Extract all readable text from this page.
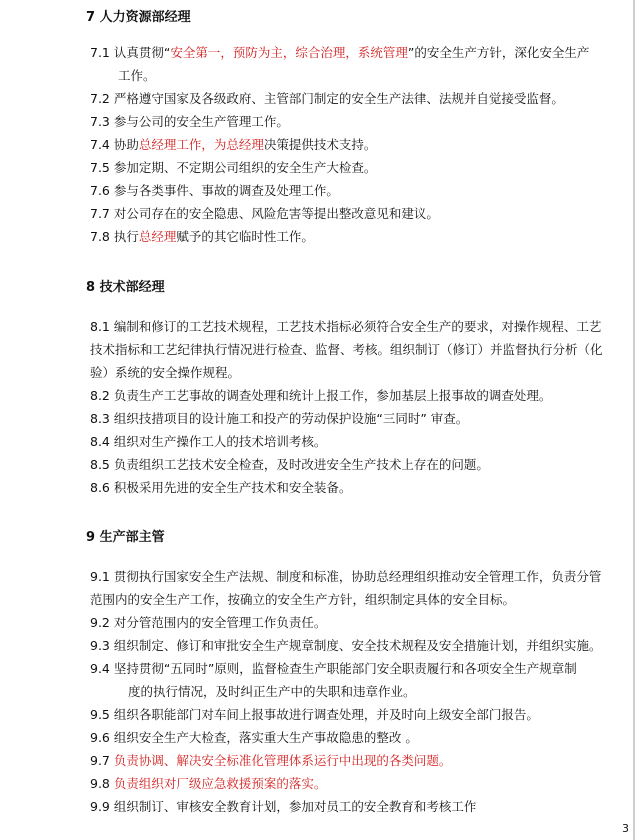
7 人力资源部经理
7.1 认真贯彻“安全第一，预防为主，综合治理，系统管理”的安全生产方针，深化安全生产
工作。
7.2 严格遵守国家及各级政府、主管部门制定的安全生产法律、法规并自觉接受监督。
7.3 参与公司的安全生产管理工作。
7.4 协助总经理工作，为总经理决策提供技术支持。
7.5 参加定期、不定期公司组织的安全生产大检查。
7.6 参与各类事件、事故的调查及处理工作。
7.7 对公司存在的安全隐患、风险危害等提出整改意见和建议。
7.8 执行总经理赋予的其它临时性工作。
8 技术部经理
8.1 编制和修订的工艺技术规程，工艺技术指标必须符合安全生产的要求，对操作规程、工艺
技术指标和工艺纪律执行情况进行检查、监督、考核。组织制订（修订）并监督执行分析（化
验）系统的安全操作规程。
8.2 负责生产工艺事故的调查处理和统计上报工作，参加基层上报事故的调查处理。
8.3 组织技措项目的设计施工和投产的劳动保护设施“三同时” 审查。
8.4 组织对生产操作工人的技术培训考核。
8.5 负责组织工艺技术安全检查，及时改进安全生产技术上存在的问题。
8.6 积极采用先进的安全生产技术和安全装备。
9 生产部主管
9.1 贯彻执行国家安全生产法规、制度和标准，协助总经理组织推动安全管理工作，负责分管
范围内的安全生产工作，按确立的安全生产方针，组织制定具体的安全目标。
9.2 对分管范围内的安全管理工作负责任。
9.3 组织制定、修订和审批安全生产规章制度、安全技术规程及安全措施计划，并组织实施。
9.4 坚持贯彻“五同时”原则，监督检查生产职能部门安全职责履行和各项安全生产规章制
度的执行情况，及时纠正生产中的失职和违章作业。
9.5 组织各职能部门对车间上报事故进行调查处理，并及时向上级安全部门报告。
9.6 组织安全生产大检查，落实重大生产事故隐患的整改 。
9.7 负责协调、解决安全标准化管理体系运行中出现的各类问题。
9.8 负责组织对厂级应急救援预案的落实。
9.9 组织制订、审核安全教育计划，参加对员工的安全教育和考核工作
3
